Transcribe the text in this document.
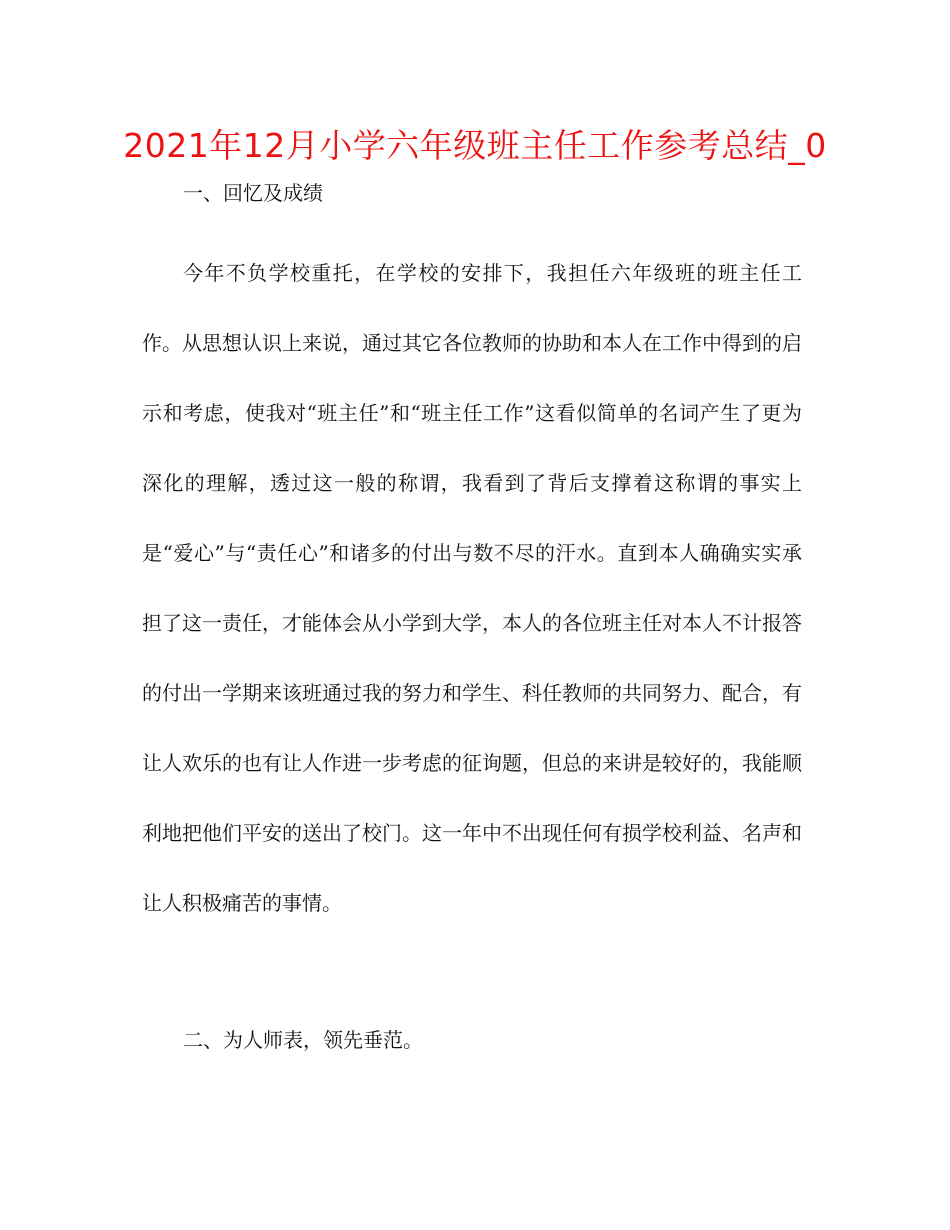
2021年12月小学六年级班主任工作参考总结_0
一、回忆及成绩

今年不负学校重托，在学校的安排下，我担任六年级班的班主任工作。从思想认识上来说，通过其它各位教师的协助和本人在工作中得到的启示和考虑，使我对“班主任”和“班主任工作”这看似简单的名词产生了更为深化的理解，透过这一般的称谓，我看到了背后支撑着这称谓的事实上是“爱心”与“责任心”和诸多的付出与数不尽的汗水。直到本人确确实实承担了这一责任，才能体会从小学到大学，本人的各位班主任对本人不计报答的付出一学期来该班通过我的努力和学生、科任教师的共同努力、配合，有让人欢乐的也有让人作进一步考虑的征询题，但总的来讲是较好的，我能顺利地把他们平安的送出了校门。这一年中不出现任何有损学校利益、名声和让人积极痛苦的事情。

二、为人师表，领先垂范。
